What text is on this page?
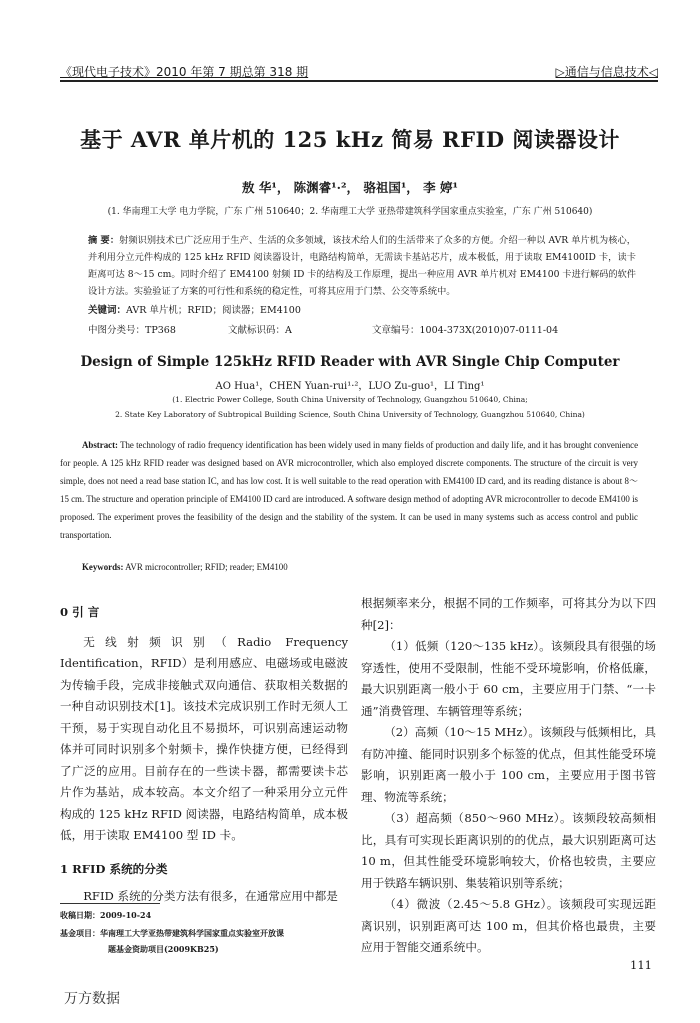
《现代电子技术》2010 年第 7 期总第 318 期	▷通信与信息技术◁
基于 AVR 单片机的 125 kHz 简易 RFID 阅读器设计
敖 华¹， 陈渊睿¹·²， 骆祖国¹， 李 婷¹
(1. 华南理工大学 电力学院，广东 广州 510640；2. 华南理工大学 亚热带建筑科学国家重点实验室，广东 广州 510640)
摘 要：射频识别技术已广泛应用于生产、生活的众多领域，该技术给人们的生活带来了众多的方便。介绍一种以 AVR 单片机为核心，并利用分立元件构成的 125 kHz RFID 阅读器设计，电路结构简单，无需读卡基站芯片，成本极低，用于读取 EM4100ID 卡，读卡距离可达 8～15 cm。同时介绍了 EM4100 射频 ID 卡的结构及工作原理，提出一种应用 AVR 单片机对 EM4100 卡进行解码的软件设计方法。实验验证了方案的可行性和系统的稳定性，可将其应用于门禁、公交等系统中。
关键词：AVR 单片机；RFID；阅读器；EM4100
中图分类号：TP368	文献标识码：A	文章编号：1004-373X(2010)07-0111-04
Design of Simple 125kHz RFID Reader with AVR Single Chip Computer
AO Hua¹，CHEN Yuan-rui¹·²，LUO Zu-guo¹，LI Ting¹
(1. Electric Power College, South China University of Technology, Guangzhou 510640, China;
2. State Key Laboratory of Subtropical Building Science, South China University of Technology, Guangzhou 510640, China)
Abstract: The technology of radio frequency identification has been widely used in many fields of production and daily life, and it has brought convenience for people. A 125 kHz RFID reader was designed based on AVR microcontroller, which also employed discrete components. The structure of the circuit is very simple, does not need a read base station IC, and has low cost. It is well suitable to the read operation with EM4100 ID card, and its reading distance is about 8～15 cm. The structure and operation principle of EM4100 ID card are introduced. A software design method of adopting AVR microcontroller to decode EM4100 is proposed. The experiment proves the feasibility of the design and the stability of the system. It can be used in many systems such as access control and public transportation.
Keywords: AVR microcontroller; RFID; reader; EM4100
0 引 言

无线射频识别（Radio Frequency Identification，RFID）是利用感应、电磁场或电磁波为传输手段，完成非接触式双向通信、获取相关数据的一种自动识别技术[1]。该技术完成识别工作时无须人工干预，易于实现自动化且不易损坏，可识别高速运动物体并可同时识别多个射频卡，操作快捷方便，已经得到了广泛的应用。目前存在的一些读卡器，都需要读卡芯片作为基站，成本较高。本文介绍了一种采用分立元件构成的 125 kHz RFID 阅读器，电路结构简单，成本极低，用于读取 EM4100 型 ID 卡。

1 RFID 系统的分类

RFID 系统的分类方法有很多，在通常应用中都是

根据频率来分，根据不同的工作频率，可将其分为以下四种[2]：

（1）低频（120～135 kHz）。该频段具有很强的场穿透性，使用不受限制，性能不受环境影响，价格低廉，最大识别距离一般小于 60 cm，主要应用于门禁、“一卡通”消费管理、车辆管理等系统；

（2）高频（10～15 MHz）。该频段与低频相比，具有防冲撞、能同时识别多个标签的优点，但其性能受环境影响，识别距离一般小于 100 cm，主要应用于图书管理、物流等系统；

（3）超高频（850～960 MHz）。该频段较高频相比，具有可实现长距离识别的的优点，最大识别距离可达 10 m，但其性能受环境影响较大，价格也较贵，主要应用于铁路车辆识别、集装箱识别等系统；

（4）微波（2.45～5.8 GHz）。该频段可实现远距离识别，识别距离可达 100 m，但其价格也最贵，主要应用于智能交通系统中。

收稿日期：2009-10-24
基金项目：华南理工大学亚热带建筑科学国家重点实验室开放课
题基金资助项目(2009KB25)
111
万方数据
